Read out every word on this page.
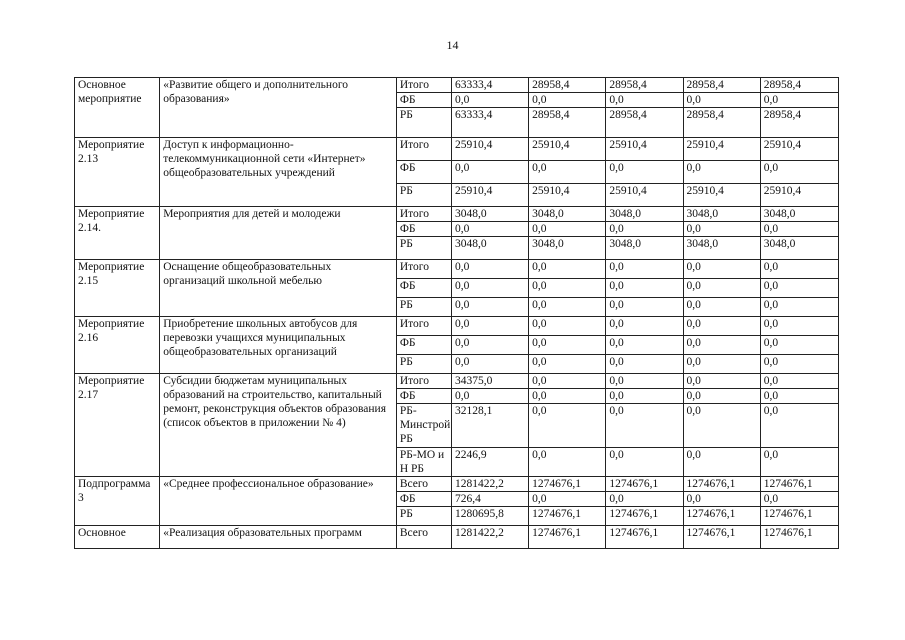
14
Основное мероприятие	«Развитие общего и дополнительного образования»	Итого	63333,4	28958,4	28958,4	28958,4	28958,4
		ФБ	0,0	0,0	0,0	0,0	0,0
		РБ	63333,4	28958,4	28958,4	28958,4	28958,4
Мероприятие 2.13	Доступ к информационно-телекоммуникационной сети «Интернет» общеобразовательных учреждений	Итого	25910,4	25910,4	25910,4	25910,4	25910,4
		ФБ	0,0	0,0	0,0	0,0	0,0
		РБ	25910,4	25910,4	25910,4	25910,4	25910,4
Мероприятие 2.14.	Мероприятия для детей и молодежи	Итого	3048,0	3048,0	3048,0	3048,0	3048,0
		ФБ	0,0	0,0	0,0	0,0	0,0
		РБ	3048,0	3048,0	3048,0	3048,0	3048,0
Мероприятие 2.15	Оснащение общеобразовательных организаций школьной мебелью	Итого	0,0	0,0	0,0	0,0	0,0
		ФБ	0,0	0,0	0,0	0,0	0,0
		РБ	0,0	0,0	0,0	0,0	0,0
Мероприятие 2.16	Приобретение школьных автобусов для перевозки учащихся муниципальных общеобразовательных организаций	Итого	0,0	0,0	0,0	0,0	0,0
		ФБ	0,0	0,0	0,0	0,0	0,0
		РБ	0,0	0,0	0,0	0,0	0,0
Мероприятие 2.17	Субсидии бюджетам муниципальных образований на строительство, капитальный ремонт, реконструкция объектов образования (список объектов в приложении № 4)	Итого	34375,0	0,0	0,0	0,0	0,0
		ФБ	0,0	0,0	0,0	0,0	0,0
		РБ-Минстрой РБ	32128,1	0,0	0,0	0,0	0,0
		РБ-МО и Н РБ	2246,9	0,0	0,0	0,0	0,0
Подпрограмма 3	«Среднее профессиональное образование»	Всего	1281422,2	1274676,1	1274676,1	1274676,1	1274676,1
		ФБ	726,4	0,0	0,0	0,0	0,0
		РБ	1280695,8	1274676,1	1274676,1	1274676,1	1274676,1
Основное	«Реализация образовательных программ	Всего	1281422,2	1274676,1	1274676,1	1274676,1	1274676,1
